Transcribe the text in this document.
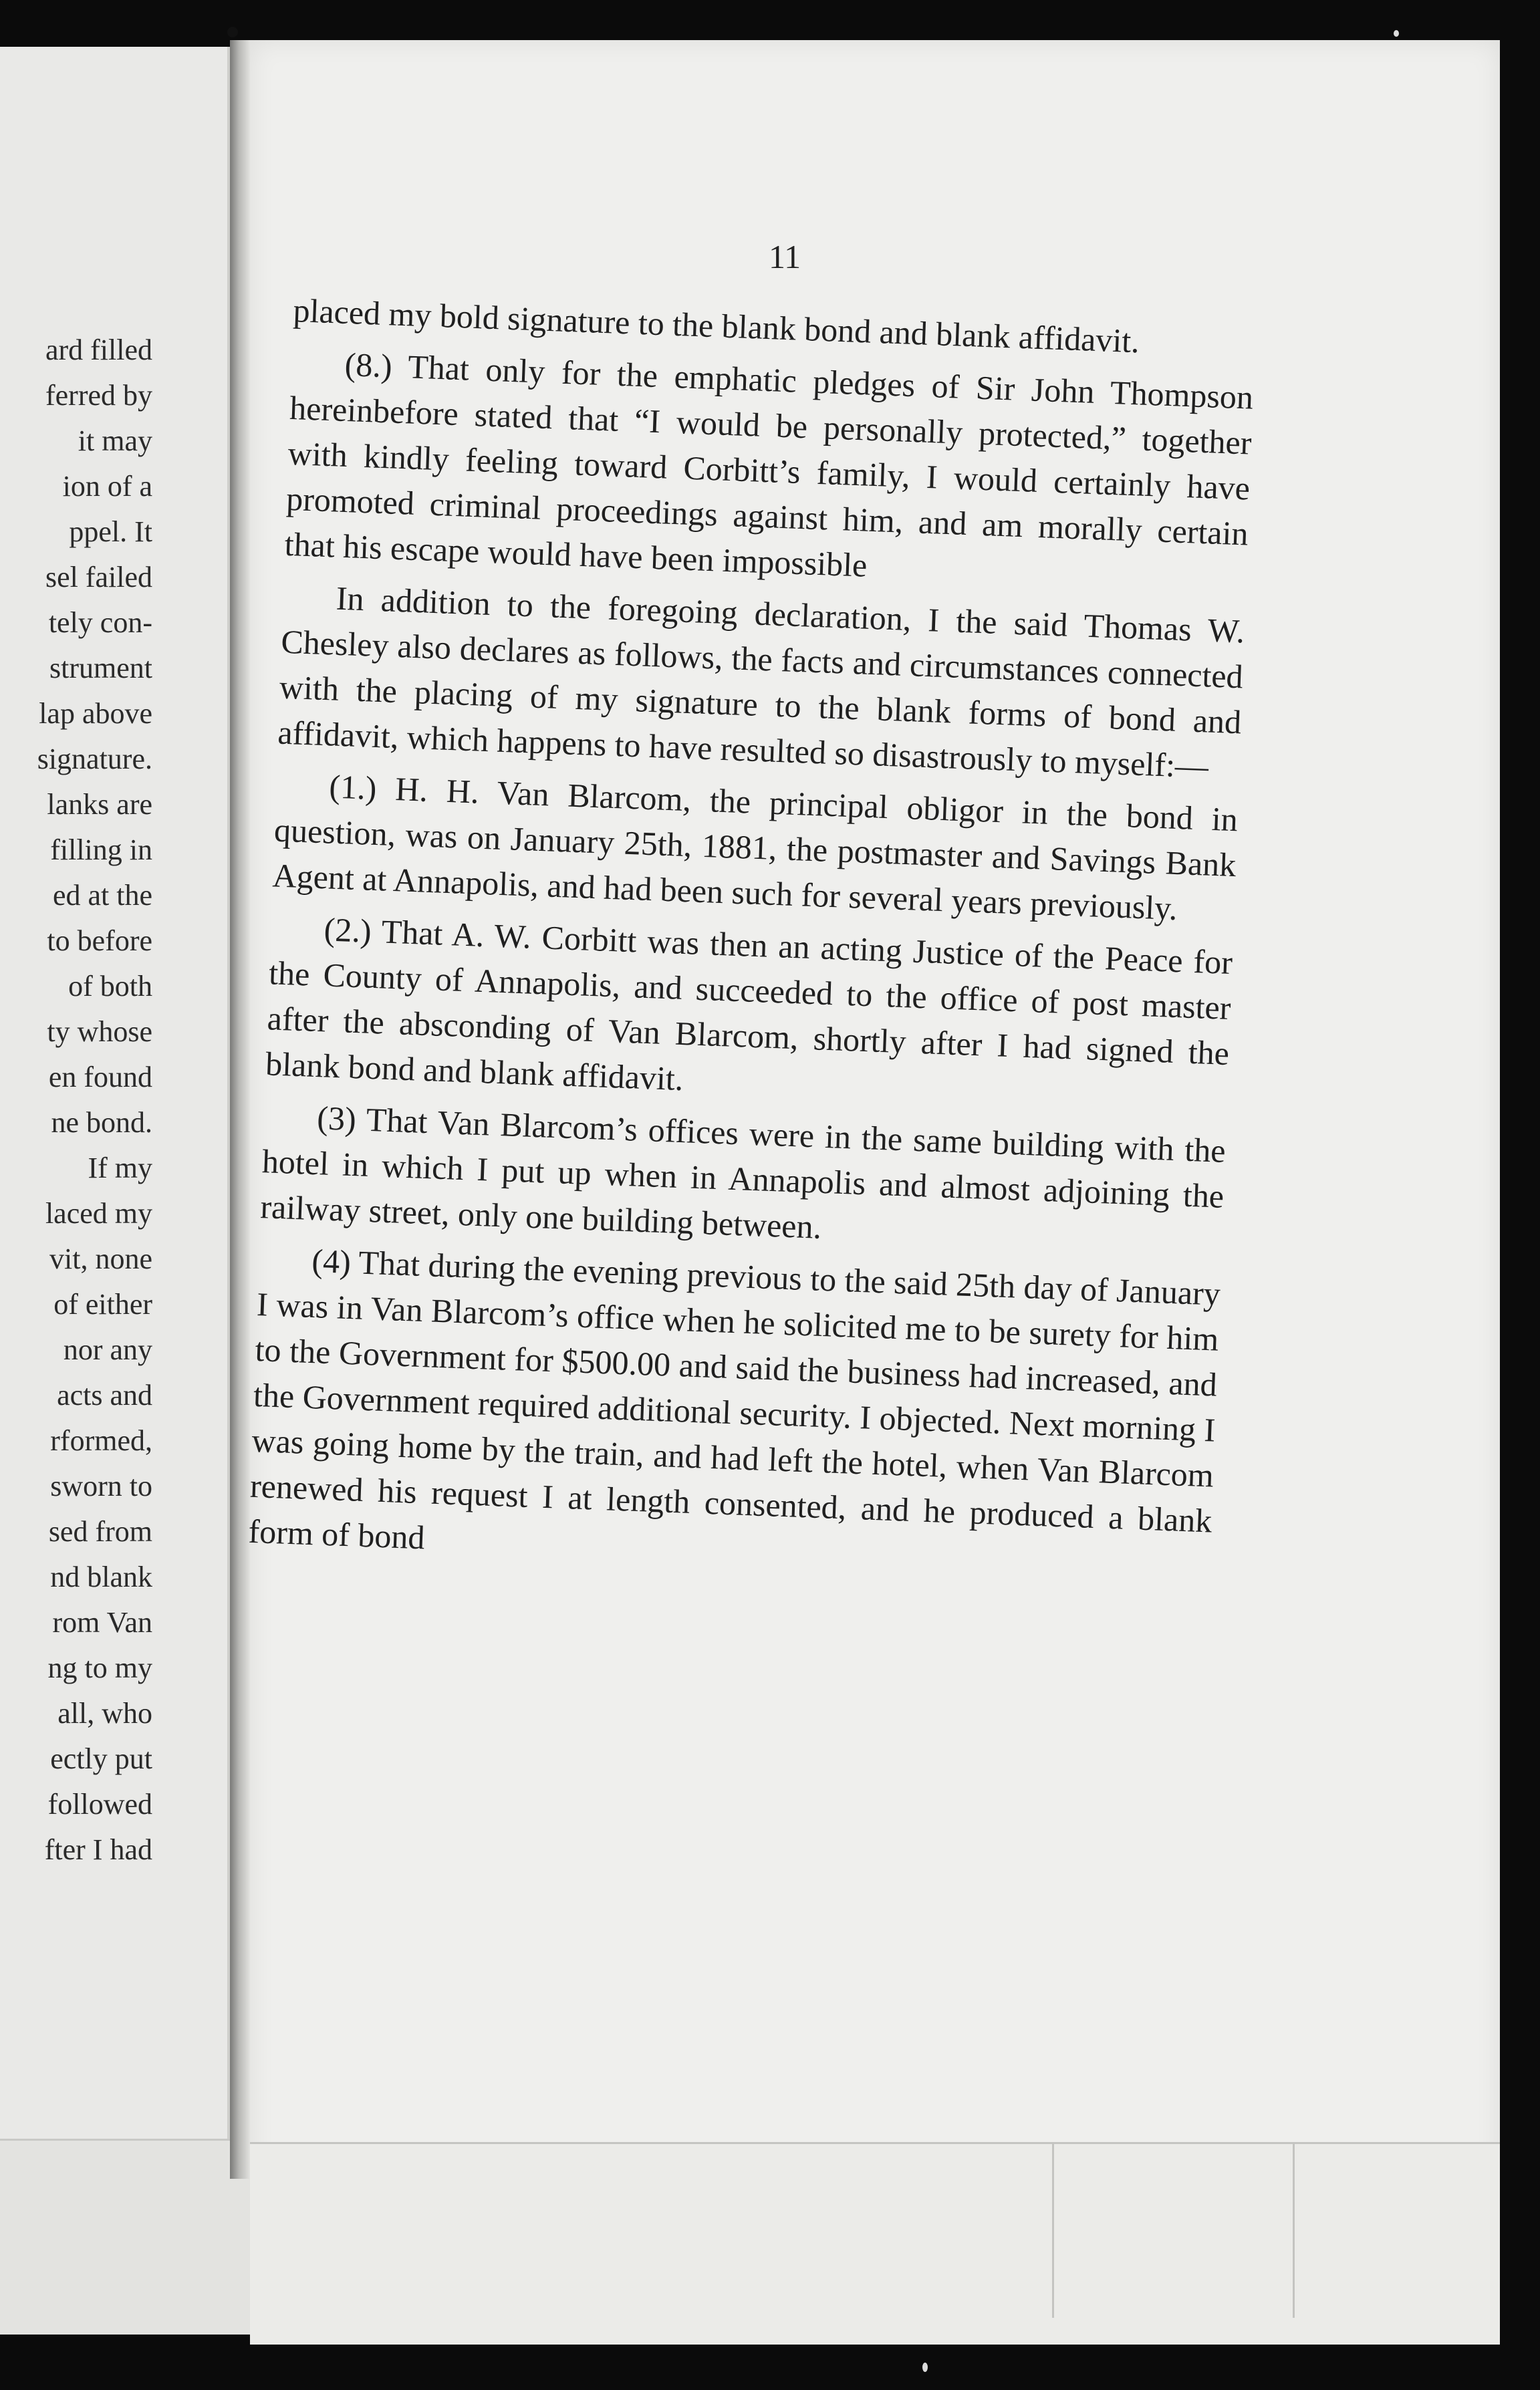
ard filled
ferred by
it may
ion of a
ppel. It
sel failed
tely con-
strument
lap above
signature.
lanks are
filling in
ed at the
to before
of both
ty whose
en found
ne bond.
If my
laced my
vit, none
of either
nor any
acts and
rformed,
sworn to
sed from
nd blank
rom Van
ng to my
all, who
ectly put
followed
fter I had
11

placed my bold signature to the blank bond and blank affidavit.

(8.) That only for the emphatic pledges of Sir John Thompson hereinbefore stated that “I would be personally protected,” together with kindly feeling toward Corbitt’s family, I would certainly have promoted criminal proceedings against him, and am morally certain that his escape would have been impossible

In addition to the foregoing declaration, I the said Thomas W. Chesley also declares as follows, the facts and circumstances connected with the placing of my signature to the blank forms of bond and affidavit, which happens to have resulted so disastrously to myself:—

(1.) H. H. Van Blarcom, the principal obligor in the bond in question, was on January 25th, 1881, the postmaster and Savings Bank Agent at Annapolis, and had been such for several years previously.

(2.) That A. W. Corbitt was then an acting Justice of the Peace for the County of Annapolis, and succeeded to the office of post master after the absconding of Van Blarcom, shortly after I had signed the blank bond and blank affidavit.

(3) That Van Blarcom’s offices were in the same building with the hotel in which I put up when in Annapolis and almost adjoining the railway street, only one building between.

(4) That during the evening previous to the said 25th day of January I was in Van Blarcom’s office when he solicited me to be surety for him to the Government for $500.00 and said the business had increased, and the Government required additional security. I objected. Next morning I was going home by the train, and had left the hotel, when Van Blarcom renewed his request I at length consented, and he produced a blank form of bond
